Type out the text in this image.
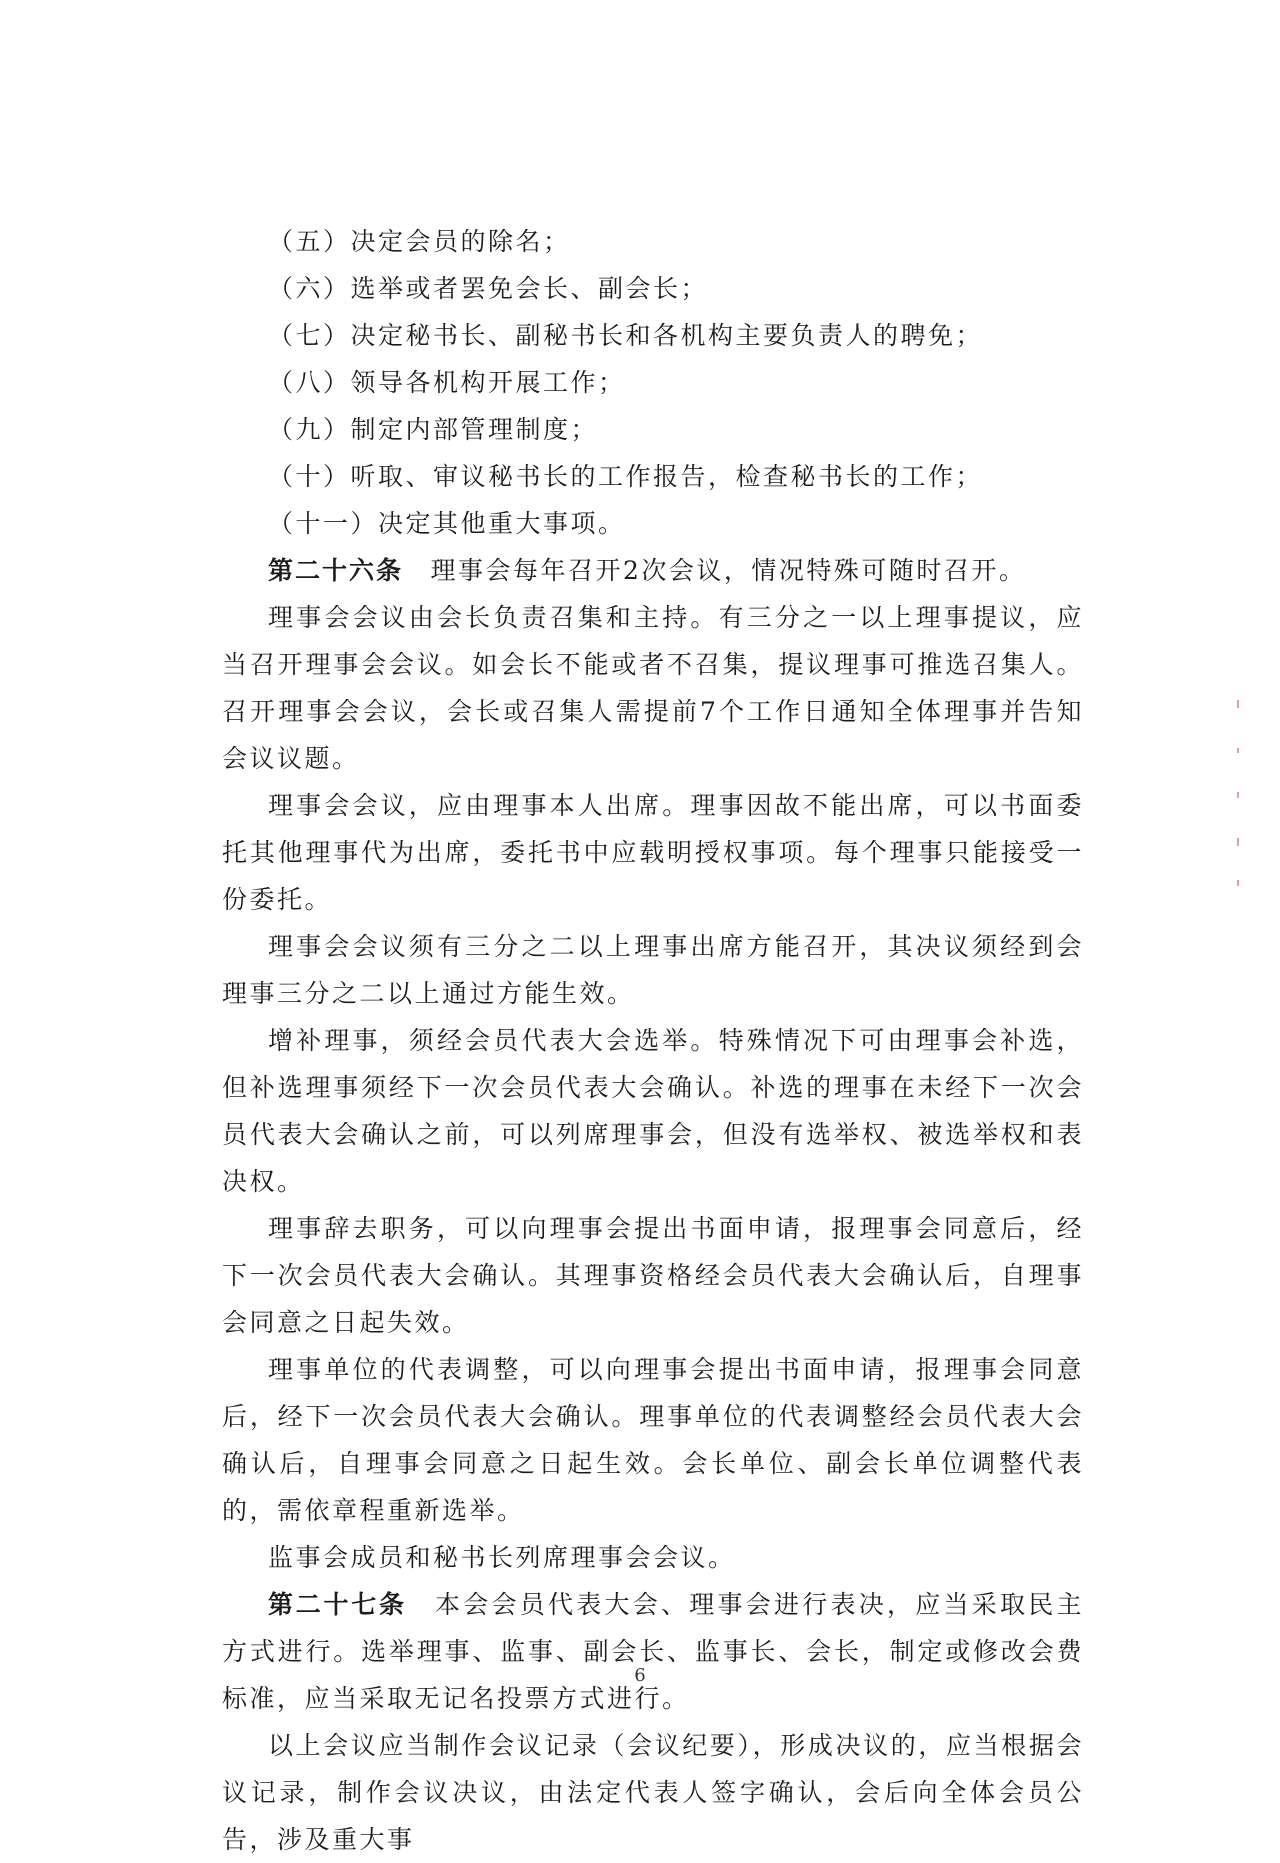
（五）决定会员的除名；
（六）选举或者罢免会长、副会长；
（七）决定秘书长、副秘书长和各机构主要负责人的聘免；
（八）领导各机构开展工作；
（九）制定内部管理制度；
（十）听取、审议秘书长的工作报告，检查秘书长的工作；
（十一）决定其他重大事项。
第二十六条　理事会每年召开2次会议，情况特殊可随时召开。
理事会会议由会长负责召集和主持。有三分之一以上理事提议，应当召开理事会会议。如会长不能或者不召集，提议理事可推选召集人。召开理事会会议，会长或召集人需提前7个工作日通知全体理事并告知会议议题。
理事会会议，应由理事本人出席。理事因故不能出席，可以书面委托其他理事代为出席，委托书中应载明授权事项。每个理事只能接受一份委托。
理事会会议须有三分之二以上理事出席方能召开，其决议须经到会理事三分之二以上通过方能生效。
增补理事，须经会员代表大会选举。特殊情况下可由理事会补选，但补选理事须经下一次会员代表大会确认。补选的理事在未经下一次会员代表大会确认之前，可以列席理事会，但没有选举权、被选举权和表决权。
理事辞去职务，可以向理事会提出书面申请，报理事会同意后，经下一次会员代表大会确认。其理事资格经会员代表大会确认后，自理事会同意之日起失效。
理事单位的代表调整，可以向理事会提出书面申请，报理事会同意后，经下一次会员代表大会确认。理事单位的代表调整经会员代表大会确认后，自理事会同意之日起生效。会长单位、副会长单位调整代表的，需依章程重新选举。
监事会成员和秘书长列席理事会会议。
第二十七条　本会会员代表大会、理事会进行表决，应当采取民主方式进行。选举理事、监事、副会长、监事长、会长，制定或修改会费标准，应当采取无记名投票方式进行。
以上会议应当制作会议记录（会议纪要），形成决议的，应当根据会议记录，制作会议决议，由法定代表人签字确认，会后向全体会员公告，涉及重大事
6
